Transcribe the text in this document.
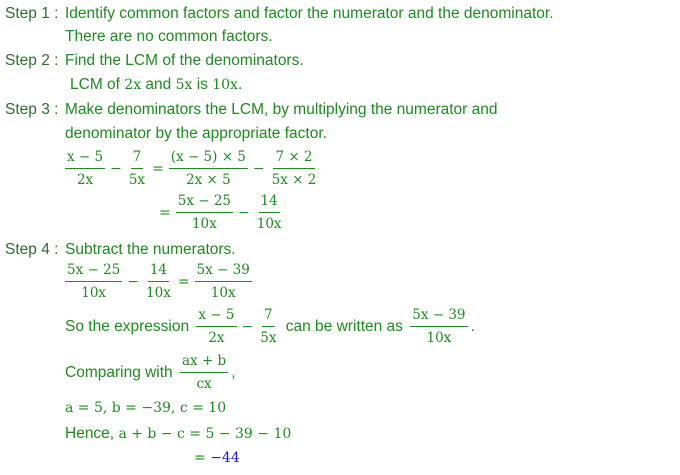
Step 1 : Identify common factors and factor the numerator and the denominator.
There are no common factors.
Step 2 : Find the LCM of the denominators.
LCM of
2x
and
5x
is
10x .
Step 3 : Make denominators the LCM, by multiplying the numerator and
denominator by the appropriate factor.
$\frac{x - 5}{2x} - \frac{7}{5x} = \frac{(x - 5) \times 5}{2x \times 5} - \frac{7 \times 2}{5x \times 2}$
= $\frac{5x - 25}{10x} - \frac{14}{10x}$
Step 4 : Subtract the numerators.
$\frac{5x - 25}{10x} - \frac{14}{10x} = \frac{5x - 39}{10x}$
So the expression
$\frac{x - 5}{2x} - \frac{7}{5x}$
can be written as
$\frac{5x - 39}{10x}$ .
Comparing with
$\frac{ax + b}{cx}$ ,
a = 5, b = −39, c = 10
Hence,
a + b − c = 5 − 39 − 10
=
−44
